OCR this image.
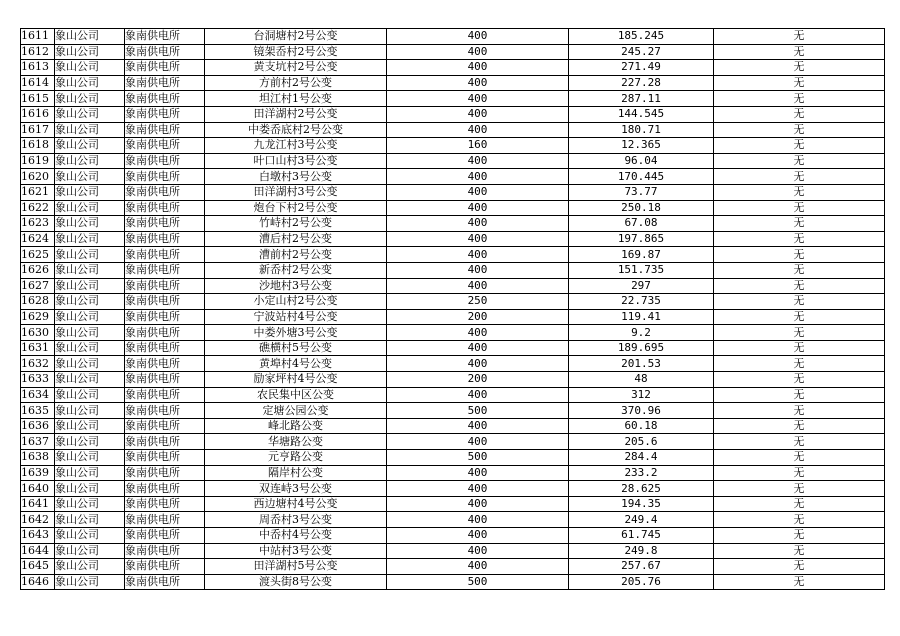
1611	象山公司	象南供电所	台洞塘村2号公变	400	185.245	无
1612	象山公司	象南供电所	镜架岙村2号公变	400	245.27	无
1613	象山公司	象南供电所	黄支坑村2号公变	400	271.49	无
1614	象山公司	象南供电所	方前村2号公变	400	227.28	无
1615	象山公司	象南供电所	坦江村1号公变	400	287.11	无
1616	象山公司	象南供电所	田洋湖村2号公变	400	144.545	无
1617	象山公司	象南供电所	中娄岙底村2号公变	400	180.71	无
1618	象山公司	象南供电所	九龙江村3号公变	160	12.365	无
1619	象山公司	象南供电所	叶口山村3号公变	400	96.04	无
1620	象山公司	象南供电所	白墩村3号公变	400	170.445	无
1621	象山公司	象南供电所	田洋湖村3号公变	400	73.77	无
1622	象山公司	象南供电所	炮台下村2号公变	400	250.18	无
1623	象山公司	象南供电所	竹峙村2号公变	400	67.08	无
1624	象山公司	象南供电所	漕后村2号公变	400	197.865	无
1625	象山公司	象南供电所	漕前村2号公变	400	169.87	无
1626	象山公司	象南供电所	新岙村2号公变	400	151.735	无
1627	象山公司	象南供电所	沙地村3号公变	400	297	无
1628	象山公司	象南供电所	小定山村2号公变	250	22.735	无
1629	象山公司	象南供电所	宁波站村4号公变	200	119.41	无
1630	象山公司	象南供电所	中娄外塘3号公变	400	9.2	无
1631	象山公司	象南供电所	礁横村5号公变	400	189.695	无
1632	象山公司	象南供电所	黄埠村4号公变	400	201.53	无
1633	象山公司	象南供电所	励家坪村4号公变	200	48	无
1634	象山公司	象南供电所	农民集中区公变	400	312	无
1635	象山公司	象南供电所	定塘公园公变	500	370.96	无
1636	象山公司	象南供电所	峰北路公变	400	60.18	无
1637	象山公司	象南供电所	华塘路公变	400	205.6	无
1638	象山公司	象南供电所	元亨路公变	500	284.4	无
1639	象山公司	象南供电所	隔岸村公变	400	233.2	无
1640	象山公司	象南供电所	双连峙3号公变	400	28.625	无
1641	象山公司	象南供电所	西边塘村4号公变	400	194.35	无
1642	象山公司	象南供电所	周岙村3号公变	400	249.4	无
1643	象山公司	象南供电所	中岙村4号公变	400	61.745	无
1644	象山公司	象南供电所	中站村3号公变	400	249.8	无
1645	象山公司	象南供电所	田洋湖村5号公变	400	257.67	无
1646	象山公司	象南供电所	渡头街8号公变	500	205.76	无
